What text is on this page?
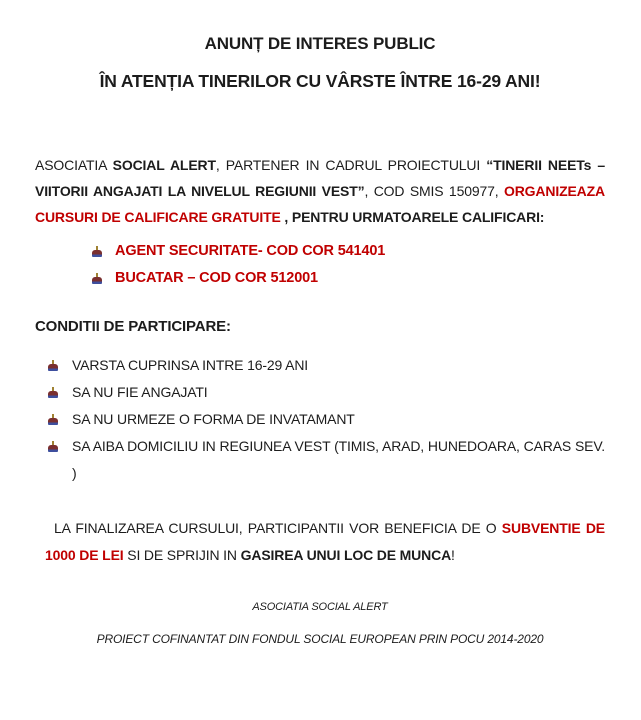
ANUNȚ DE INTERES PUBLIC
ÎN ATENȚIA TINERILOR CU VÂRSTE ÎNTRE 16-29 ANI!

ASOCIATIA SOCIAL ALERT, PARTENER IN CADRUL PROIECTULUI “TINERII NEETs – VIITORII ANGAJATI LA NIVELUL REGIUNII VEST”, COD SMIS 150977, ORGANIZEAZA CURSURI DE CALIFICARE GRATUITE , PENTRU URMATOARELE CALIFICARI:

AGENT SECURITATE- COD COR 541401
BUCATAR – COD COR 512001
CONDITII DE PARTICIPARE:
VARSTA CUPRINSA INTRE 16-29 ANI
SA NU FIE ANGAJATI
SA NU URMEZE O FORMA DE INVATAMANT
SA AIBA DOMICILIU IN REGIUNEA VEST (TIMIS, ARAD, HUNEDOARA, CARAS SEV. )

LA FINALIZAREA CURSULUI, PARTICIPANTII VOR BENEFICIA DE O SUBVENTIE DE 1000 DE LEI SI DE SPRIJIN IN GASIREA UNUI LOC DE MUNCA!

ASOCIATIA SOCIAL ALERT

PROIECT COFINANTAT DIN FONDUL SOCIAL EUROPEAN PRIN POCU 2014-2020
